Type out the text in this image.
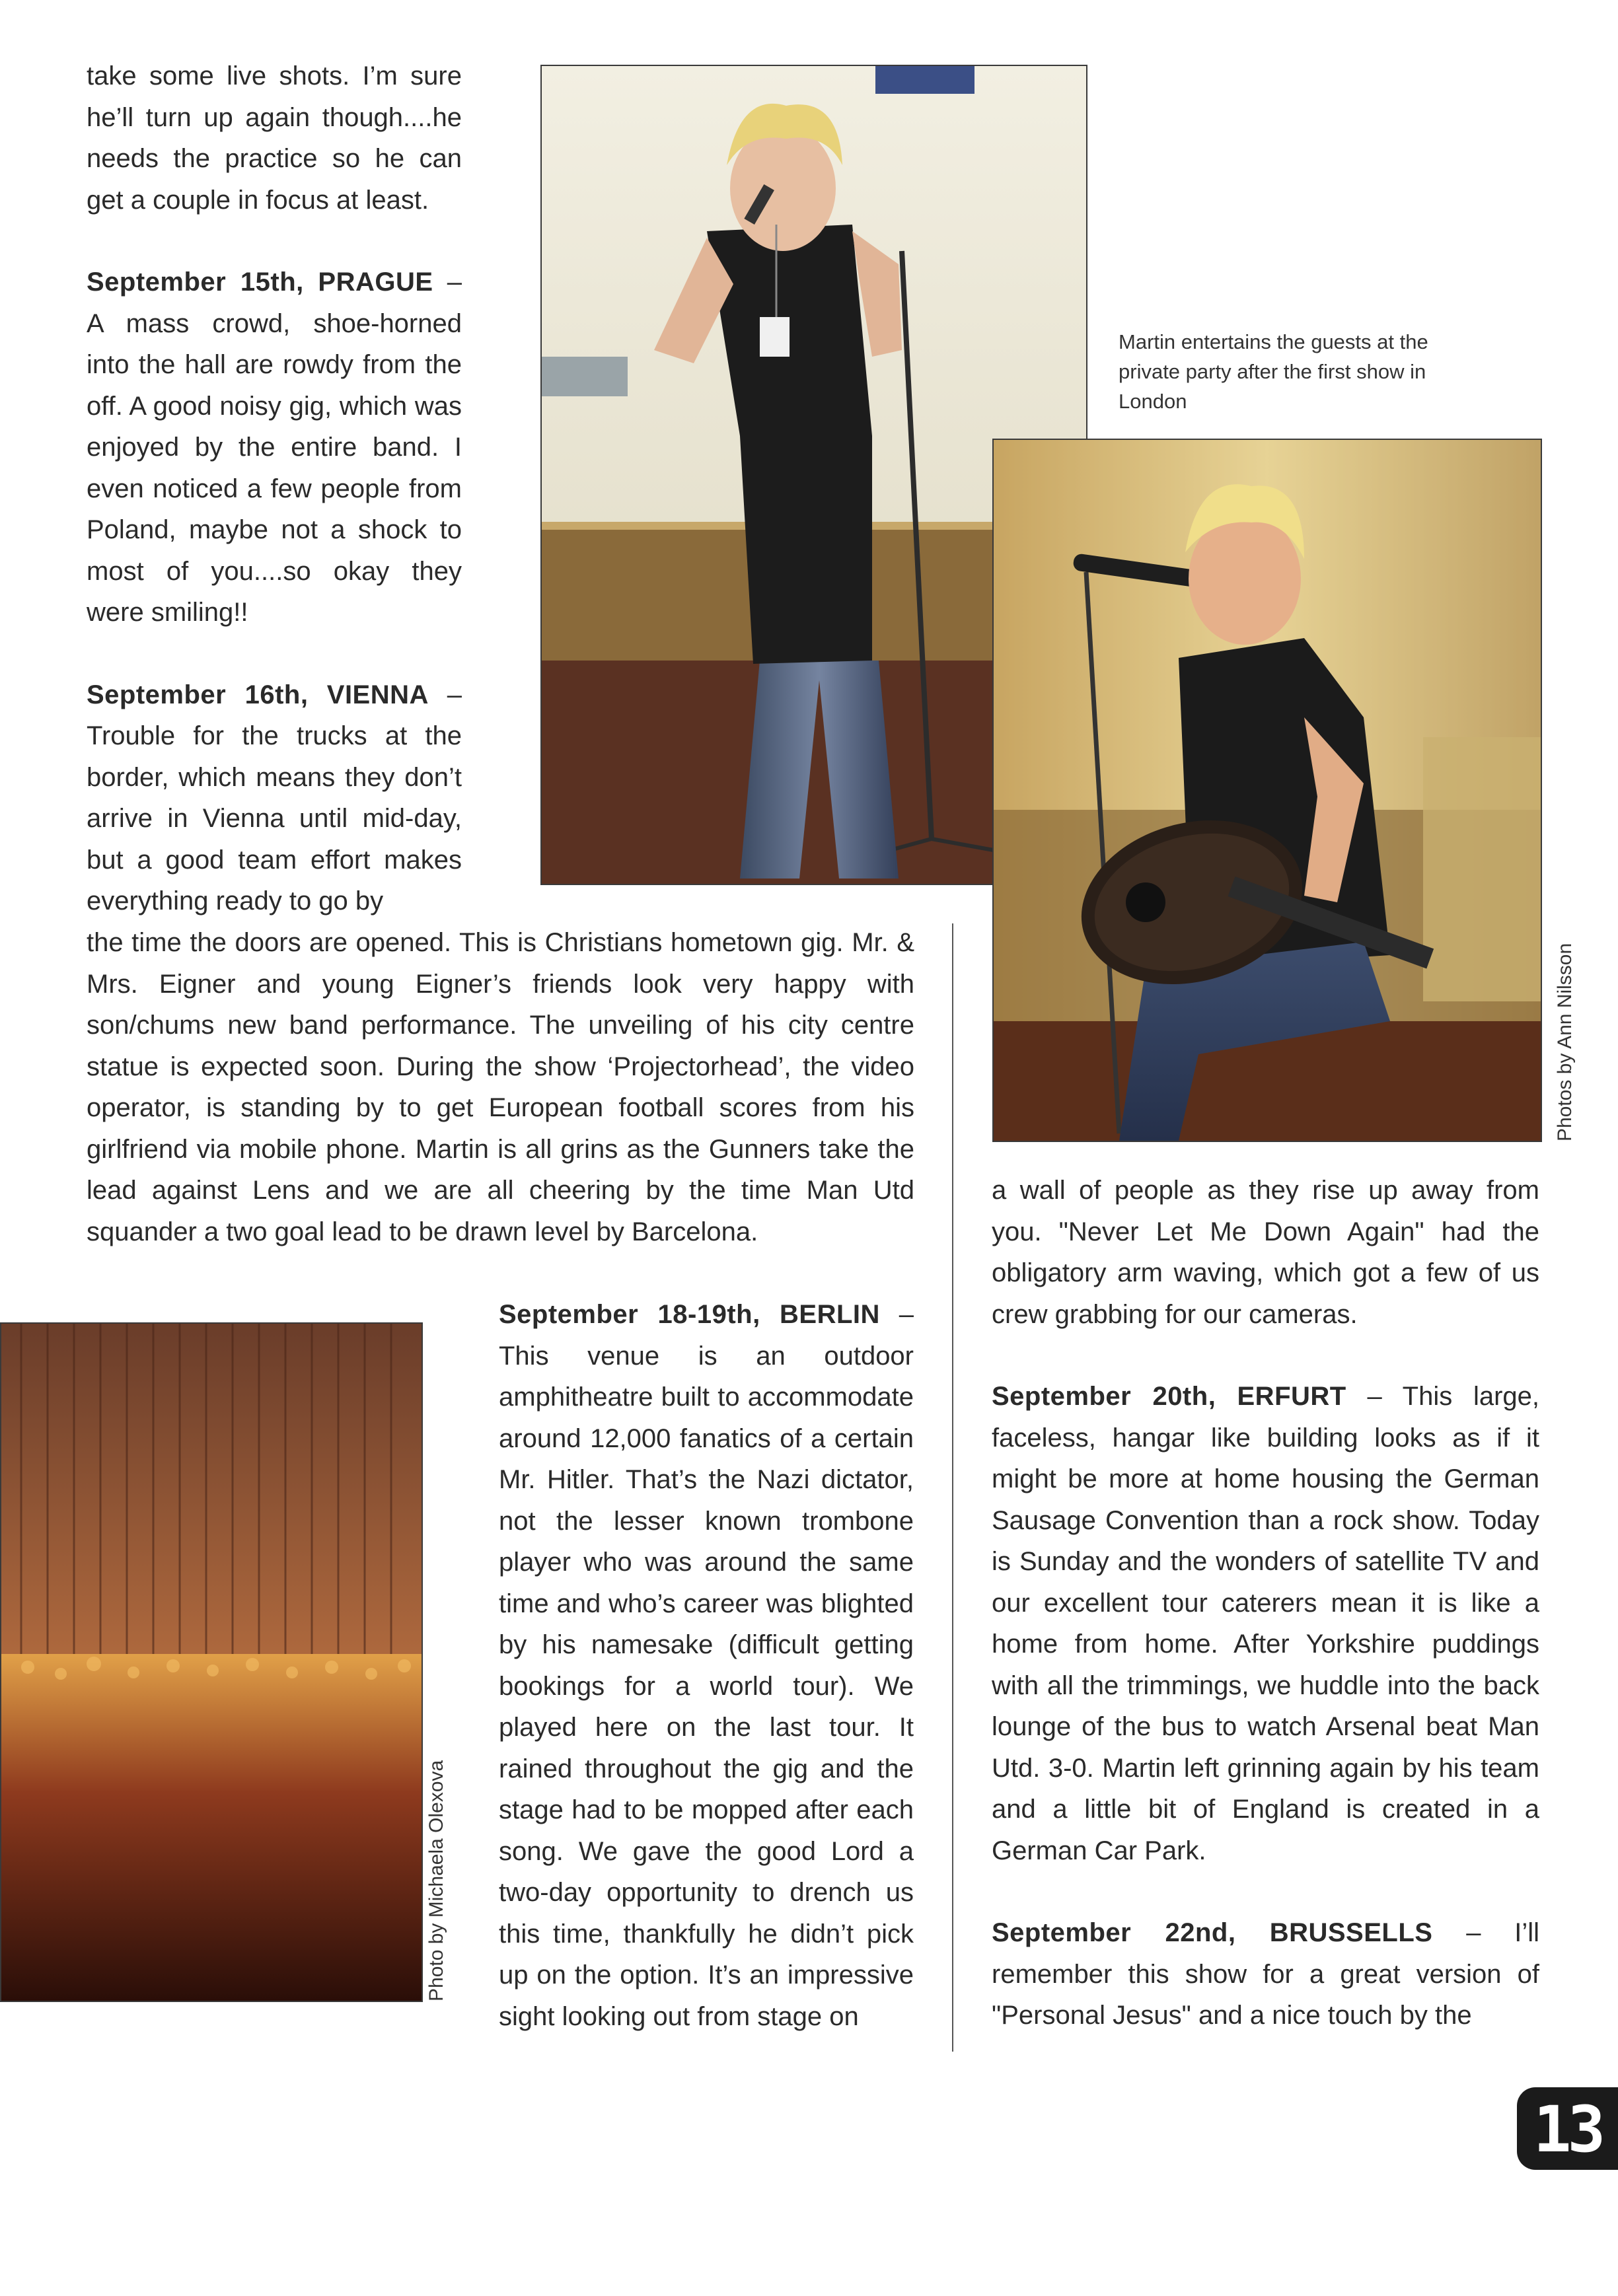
take some live shots. I’m sure he’ll turn up again though....he needs the practice so he can get a couple in focus at least.

September 15th, PRAGUE – A mass crowd, shoe-horned into the hall are rowdy from the off. A good noisy gig, which was enjoyed by the entire band. I even noticed a few people from Poland, maybe not a shock to most of you....so okay they were smiling!!

September 16th, VIENNA – Trouble for the trucks at the border, which means they don’t arrive in Vienna until mid-day, but a good team effort makes everything ready to go by

the time the doors are opened. This is Christians hometown gig. Mr. & Mrs. Eigner and young Eigner’s friends look very happy with son/chums new band performance. The unveiling of his city centre statue is expected soon. During the show ‘Projectorhead’, the video operator, is standing by to get European football scores from his girlfriend via mobile phone. Martin is all grins as the Gunners take the lead against Lens and we are all cheering by the time Man Utd squander a two goal lead to be drawn level by Barcelona.

September 18-19th, BERLIN – This venue is an outdoor amphitheatre built to accommodate around 12,000 fanatics of a certain Mr. Hitler. That’s the Nazi dictator, not the lesser known trombone player who was around the same time and who’s career was blighted by his namesake (difficult getting bookings for a world tour). We played here on the last tour. It rained throughout the gig and the stage had to be mopped after each song. We gave the good Lord a two-day opportunity to drench us this time, thankfully he didn’t pick up on the option. It’s an impressive sight looking out from stage on

a wall of people as they rise up away from you. "Never Let Me Down Again" had the obligatory arm waving, which got a few of us crew grabbing for our cameras.

September 20th, ERFURT – This large, faceless, hangar like building looks as if it might be more at home housing the German Sausage Convention than a rock show. Today is Sunday and the wonders of satellite TV and our excellent tour caterers mean it is like a home from home. After Yorkshire puddings with all the trimmings, we huddle into the back lounge of the bus to watch Arsenal beat Man Utd. 3-0. Martin left grinning again by his team and a little bit of England is created in a German Car Park.

September 22nd, BRUSSELLS – I’ll remember this show for a great version of "Personal Jesus" and a nice touch by the

Martin entertains the guests at the private party after the first show in London
Photos by Ann Nilsson
Photo by Michaela Olexova
13
